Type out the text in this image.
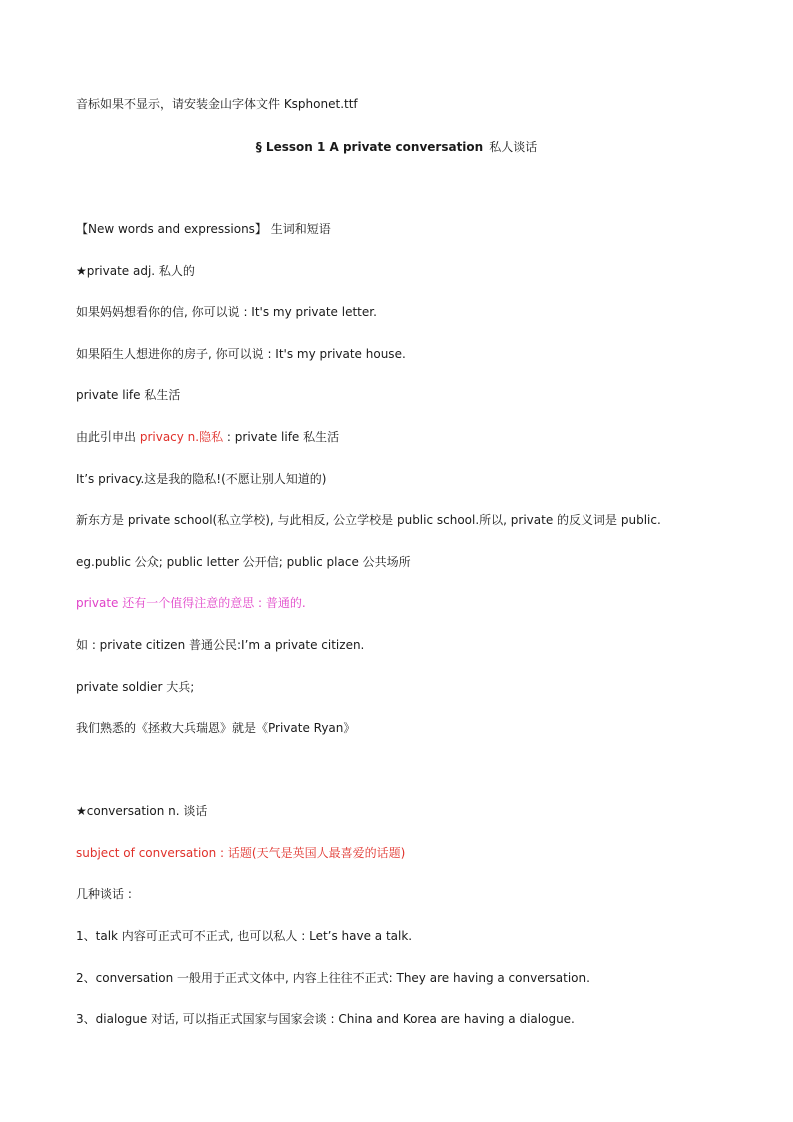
音标如果不显示，请安装金山字体文件 Ksphonet.ttf
§ Lesson 1 A private conversation 私人谈话
【New words and expressions】 生词和短语
★private adj. 私人的
如果妈妈想看你的信, 你可以说 : It's my private letter.
如果陌生人想进你的房子, 你可以说 : It's my private house.
private life 私生活
由此引申出 privacy n.隐私 : private life 私生活
It’s privacy.这是我的隐私!(不愿让别人知道的)
新东方是 private school(私立学校), 与此相反, 公立学校是 public school.所以, private 的反义词是 public.
eg.public 公众; public letter 公开信; public place 公共场所
private 还有一个值得注意的意思 : 普通的.
如 : private citizen 普通公民:I’m a private citizen.
private soldier 大兵;
我们熟悉的《拯救大兵瑞恩》就是《Private Ryan》
★conversation n. 谈话
subject of conversation : 话题(天气是英国人最喜爱的话题)
几种谈话 :
1、talk 内容可正式可不正式, 也可以私人 : Let’s have a talk.
2、conversation 一般用于正式文体中, 内容上往往不正式: They are having a conversation.
3、dialogue 对话, 可以指正式国家与国家会谈 : China and Korea are having a dialogue.
